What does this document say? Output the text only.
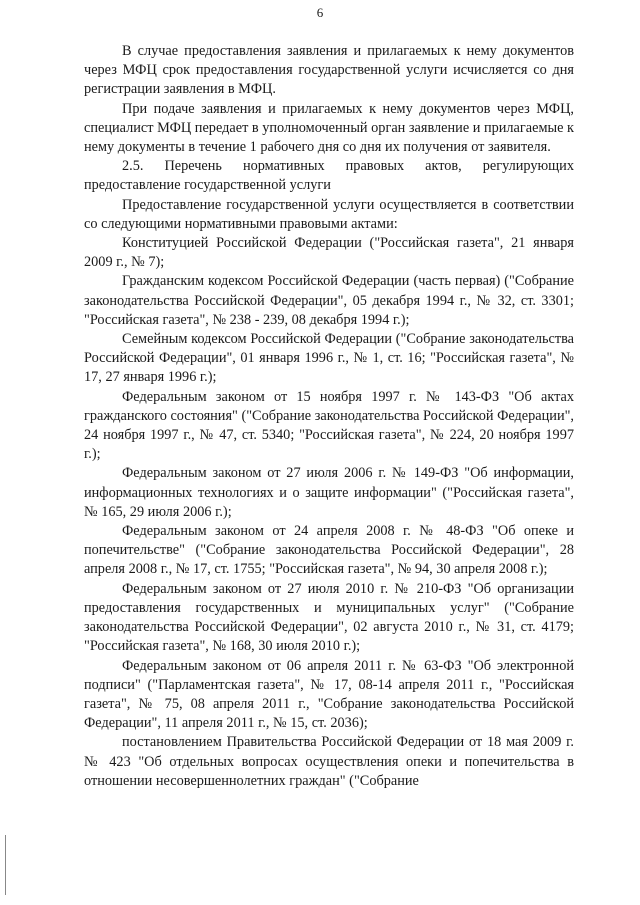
6

В случае предоставления заявления и прилагаемых к нему документов через МФЦ срок предоставления государственной услуги исчисляется со дня регистрации заявления в МФЦ.

При подаче заявления и прилагаемых к нему документов через МФЦ, специалист МФЦ передает в уполномоченный орган заявление и прилагаемые к нему документы в течение 1 рабочего дня со дня их получения от заявителя.

2.5. Перечень нормативных правовых актов, регулирующих предоставление государственной услуги

Предоставление государственной услуги осуществляется в соответствии со следующими нормативными правовыми актами:

Конституцией Российской Федерации ("Российская газета", 21 января 2009 г., № 7);

Гражданским кодексом Российской Федерации (часть первая) ("Собрание законодательства Российской Федерации", 05 декабря 1994 г., № 32, ст. 3301; "Российская газета", № 238 - 239, 08 декабря 1994 г.);

Семейным кодексом Российской Федерации ("Собрание законодательства Российской Федерации", 01 января 1996 г., № 1, ст. 16; "Российская газета", № 17, 27 января 1996 г.);

Федеральным законом от 15 ноября 1997 г. № 143-ФЗ "Об актах гражданского состояния" ("Собрание законодательства Российской Федерации", 24 ноября 1997 г., № 47, ст. 5340; "Российская газета", № 224, 20 ноября 1997 г.);

Федеральным законом от 27 июля 2006 г. № 149-ФЗ "Об информации, информационных технологиях и о защите информации" ("Российская газета", № 165, 29 июля 2006 г.);

Федеральным законом от 24 апреля 2008 г. № 48-ФЗ "Об опеке и попечительстве" ("Собрание законодательства Российской Федерации", 28 апреля 2008 г., № 17, ст. 1755; "Российская газета", № 94, 30 апреля 2008 г.);

Федеральным законом от 27 июля 2010 г. № 210-ФЗ "Об организации предоставления государственных и муниципальных услуг" ("Собрание законодательства Российской Федерации", 02 августа 2010 г., № 31, ст. 4179; "Российская газета", № 168, 30 июля 2010 г.);

Федеральным законом от 06 апреля 2011 г. № 63-ФЗ "Об электронной подписи" ("Парламентская газета", № 17, 08-14 апреля 2011 г., "Российская газета", № 75, 08 апреля 2011 г., "Собрание законодательства Российской Федерации", 11 апреля 2011 г., № 15, ст. 2036);

постановлением Правительства Российской Федерации от 18 мая 2009 г. № 423 "Об отдельных вопросах осуществления опеки и попечительства в отношении несовершеннолетних граждан" ("Собрание
